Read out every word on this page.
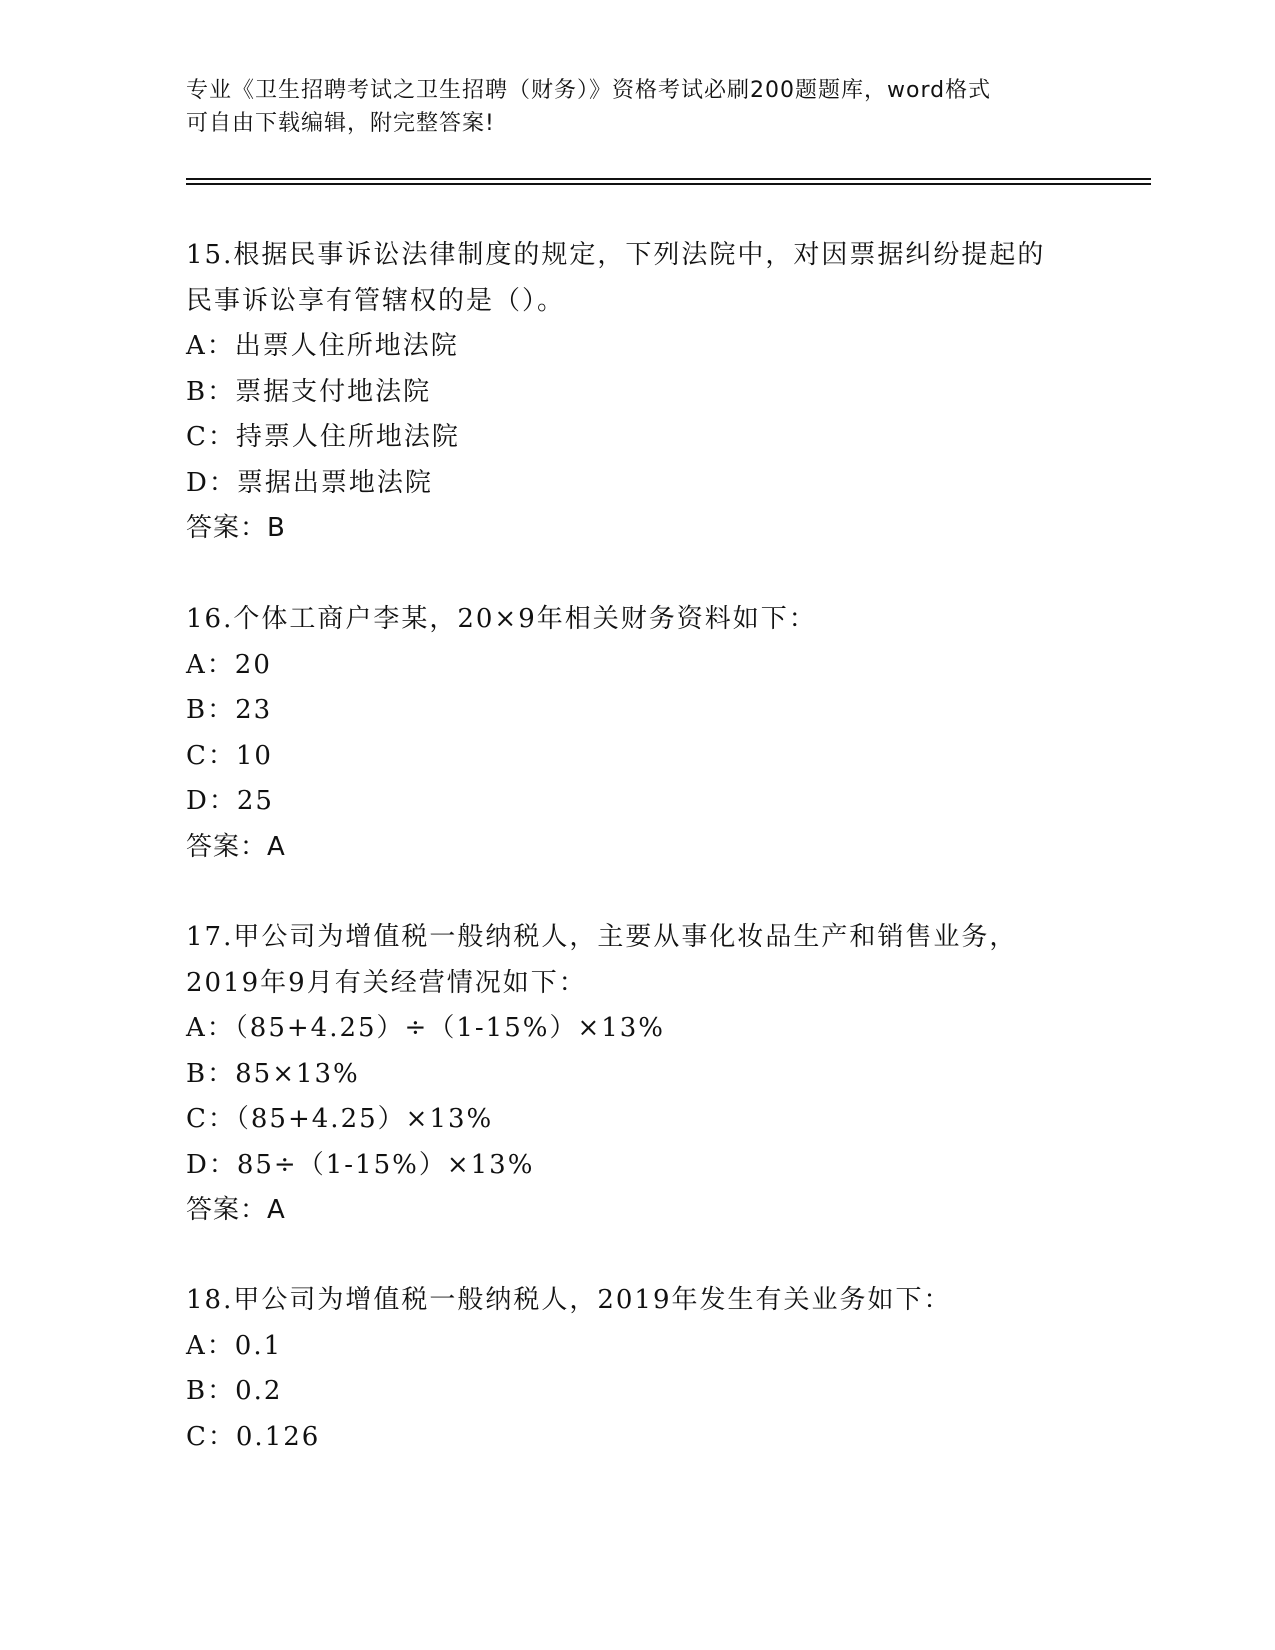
专业《卫生招聘考试之卫生招聘（财务）》资格考试必刷200题题库，word格式
可自由下载编辑，附完整答案!
15.根据民事诉讼法律制度的规定，下列法院中，对因票据纠纷提起的
民事诉讼享有管辖权的是（）。
A：出票人住所地法院
B：票据支付地法院
C：持票人住所地法院
D：票据出票地法院
答案：B
16.个体工商户李某，20×9年相关财务资料如下：
A：20
B：23
C：10
D：25
答案：A
17.甲公司为增值税一般纳税人，主要从事化妆品生产和销售业务，
2019年9月有关经营情况如下：
A：（85+4.25）÷（1-15%）×13%
B：85×13%
C：（85+4.25）×13%
D：85÷（1-15%）×13%
答案：A
18.甲公司为增值税一般纳税人，2019年发生有关业务如下：
A：0.1
B：0.2
C：0.126
